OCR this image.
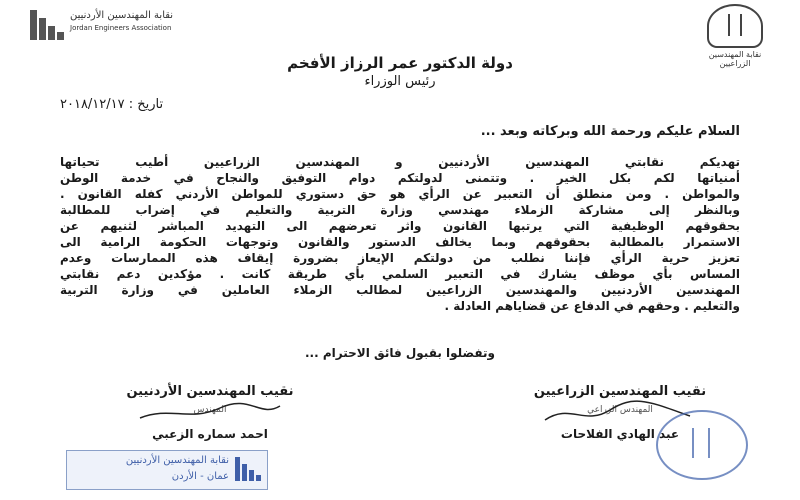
نقابة المهندسين الأردنيين
Jordan Engineers Association
نقابة المهندسين الزراعيين
دولة الدكتور عمر الرزاز الأفخم
رئيس الوزراء
تاريخ : ٢٠١٨/١٢/١٧
السلام عليكم ورحمة الله وبركاته وبعد ...
تهديكم نقابتي المهندسين الأردنيين و المهندسين الزراعيين أطيب تحياتها
أمنياتها لكم بكل الخير . وتتمنى لدولتكم دوام التوفيق والنجاح في خدمة الوطن
والمواطن . ومن منطلق أن التعبير عن الرأي هو حق دستوري للمواطن الأردني كفله القانون .
وبالنظر إلى مشاركة الزملاء مهندسي وزارة التربية والتعليم في إضراب للمطالبة
بحقوقهم الوظيفية التي يرتبها القانون واثر تعرضهم الى التهديد المباشر لثنيهم عن
الاستمرار بالمطالبة بحقوقهم وبما يخالف الدستور والقانون وتوجهات الحكومة الرامية الى
تعزيز حرية الرأي فإننا نطلب من دولتكم الإيعاز بضرورة إيقاف هذه الممارسات وعدم
المساس بأي موظف يشارك في التعبير السلمي بأي طريقة كانت . مؤكدين دعم نقابتي
المهندسين الأردنيين والمهندسين الزراعيين لمطالب الزملاء العاملين في وزارة التربية
والتعليم . وحقهم في الدفاع عن قضاياهم العادلة .
وتفضلوا بقبول فائق الاحترام ...
نقيب المهندسين الزراعيين
المهندس الزراعي
عبد الهادي الفلاحات
نقيب المهندسين الأردنيين
المهندس
احمد سماره الزعبي
نقابة المهندسين الأردنيين
عمان - الأردن
